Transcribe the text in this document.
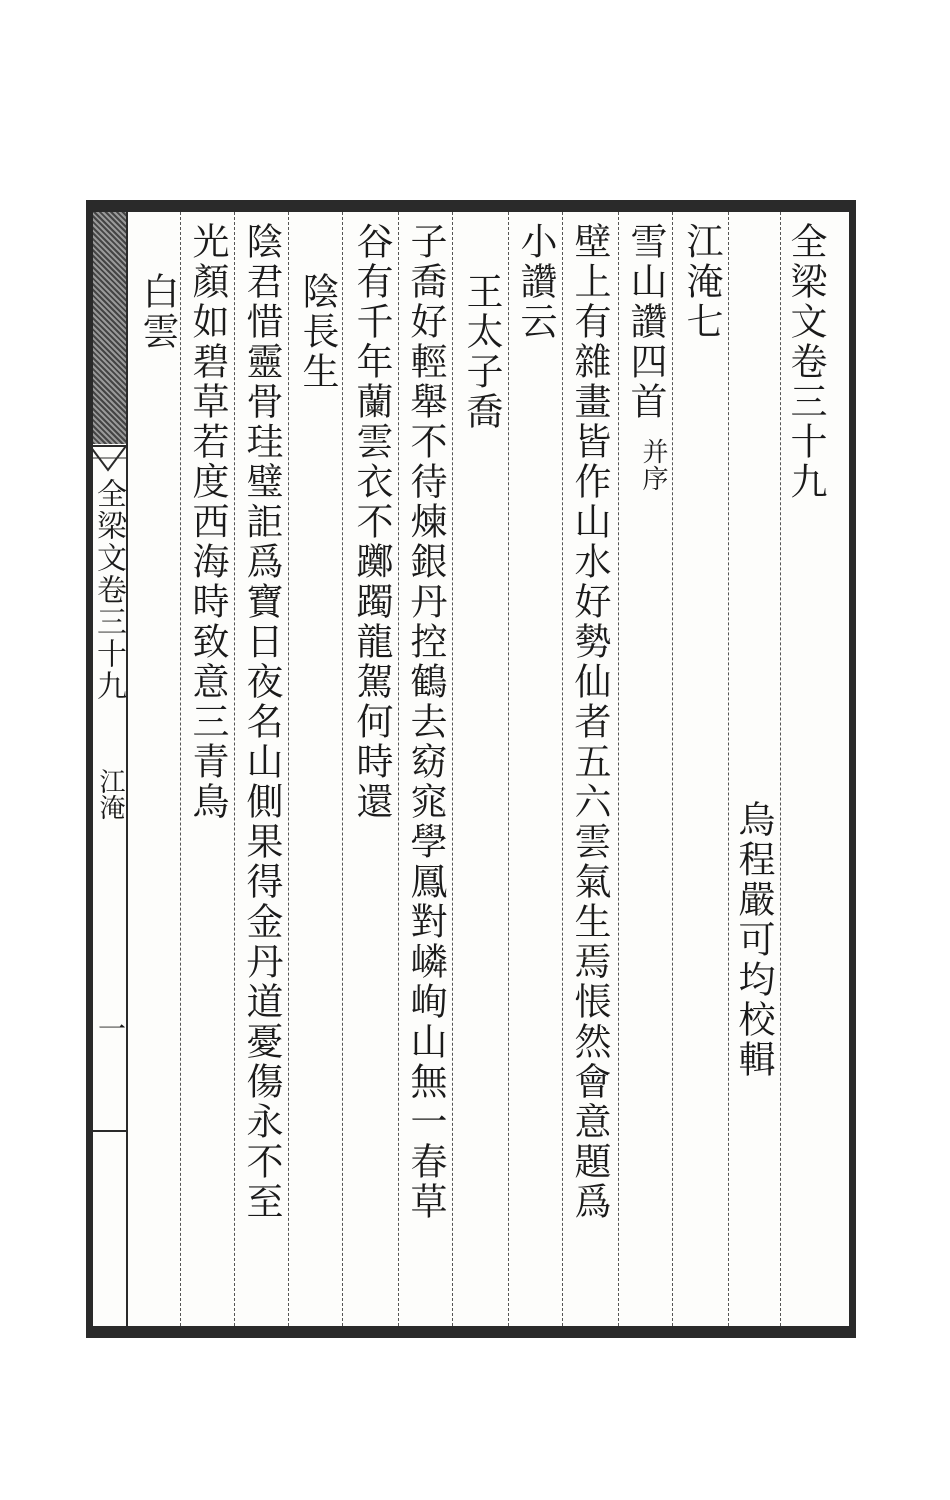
全梁文卷三十九
江淹
一
全梁文卷三十九
烏程嚴可均校輯
江淹七
雪山讚四首
并序
壁上有雜畫皆作山水好勢仙者五六雲氣生焉悵然會意題爲
小讚云
王太子喬
子喬好輕舉不待煉銀丹控鶴去窈窕學鳳對嶙峋山無一春草
谷有千年蘭雲衣不躑躅龍駕何時還
陰長生
陰君惜靈骨珪璧詎爲寶日夜名山側果得金丹道憂傷永不至
光顏如碧草若度西海時致意三青鳥
白雲
